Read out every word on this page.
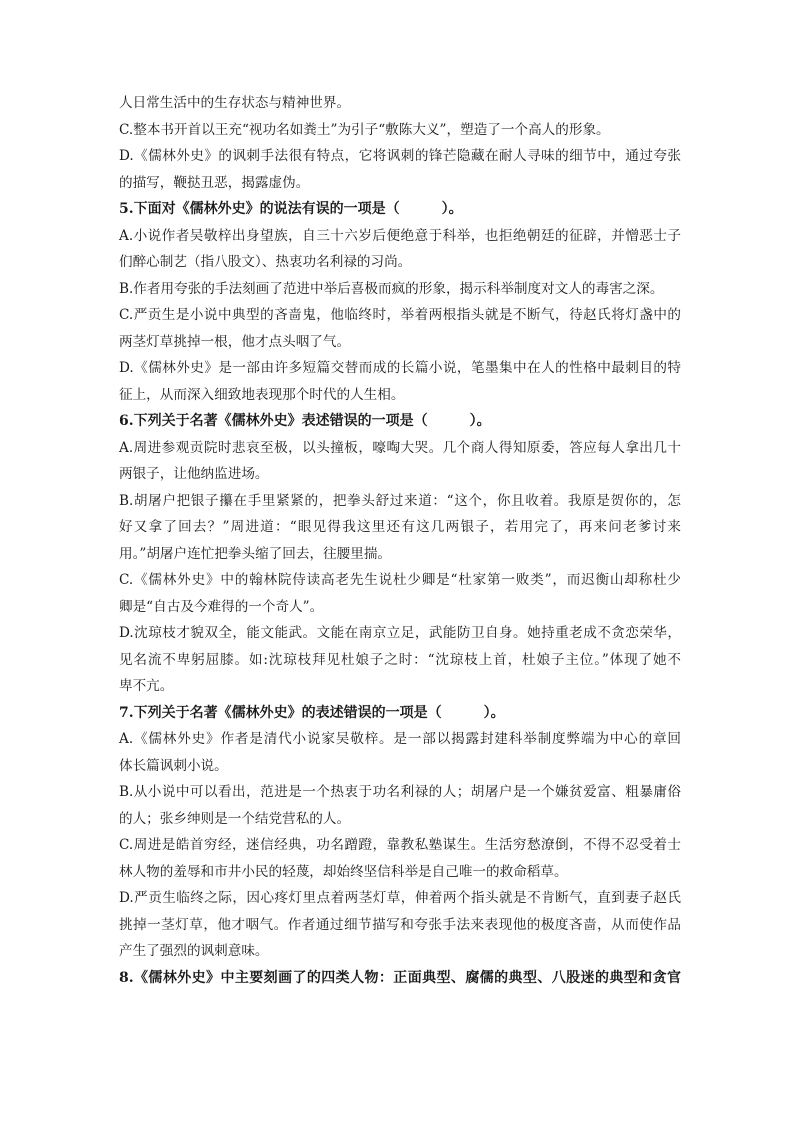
人日常生活中的生存状态与精神世界。
C.整本书开首以王充“视功名如粪土”为引子“敷陈大义”，塑造了一个高人的形象。
D.《儒林外史》的讽刺手法很有特点，它将讽刺的锋芒隐藏在耐人寻味的细节中，通过夸张
的描写，鞭挞丑恶，揭露虚伪。
5.下面对《儒林外史》的说法有误的一项是（　　　）。
A.小说作者吴敬梓出身望族，自三十六岁后便绝意于科举，也拒绝朝廷的征辟，并憎恶士子
们醉心制艺（指八股文）、热衷功名利禄的习尚。
B.作者用夸张的手法刻画了范进中举后喜极而疯的形象，揭示科举制度对文人的毒害之深。
C.严贡生是小说中典型的吝啬鬼，他临终时，举着两根指头就是不断气，待赵氏将灯盏中的
两茎灯草挑掉一根，他才点头咽了气。
D.《儒林外史》是一部由许多短篇交替而成的长篇小说，笔墨集中在人的性格中最刺目的特
征上，从而深入细致地表现那个时代的人生相。
6.下列关于名著《儒林外史》表述错误的一项是（　　　）。
A.周进参观贡院时悲哀至极，以头撞板，嚎啕大哭。几个商人得知原委，答应每人拿出几十
两银子，让他纳监进场。
B.胡屠户把银子攥在手里紧紧的，把拳头舒过来道：“这个，你且收着。我原是贺你的，怎
好又拿了回去？”周进道：“眼见得我这里还有这几两银子，若用完了，再来问老爹讨来
用。”胡屠户连忙把拳头缩了回去，往腰里揣。
C.《儒林外史》中的翰林院侍读高老先生说杜少卿是“杜家第一败类”，而迟衡山却称杜少
卿是“自古及今难得的一个奇人”。
D.沈琼枝才貌双全，能文能武。文能在南京立足，武能防卫自身。她持重老成不贪恋荣华，
见名流不卑躬屈膝。如:沈琼枝拜见杜娘子之时：“沈琼枝上首，杜娘子主位。”体现了她不
卑不亢。
7.下列关于名著《儒林外史》的表述错误的一项是（　　　）。
A.《儒林外史》作者是清代小说家吴敬梓。是一部以揭露封建科举制度弊端为中心的章回
体长篇讽刺小说。
B.从小说中可以看出，范进是一个热衷于功名利禄的人；胡屠户是一个嫌贫爱富、粗暴庸俗
的人；张乡绅则是一个结党营私的人。
C.周进是皓首穷经，迷信经典，功名蹭蹬，靠教私塾谋生。生活穷愁潦倒，不得不忍受着士
林人物的羞辱和市井小民的轻蔑，却始终坚信科举是自己唯一的救命稻草。
D.严贡生临终之际，因心疼灯里点着两茎灯草，伸着两个指头就是不肯断气，直到妻子赵氏
挑掉一茎灯草，他才咽气。作者通过细节描写和夸张手法来表现他的极度吝啬，从而使作品
产生了强烈的讽刺意味。
8.《儒林外史》中主要刻画了的四类人物：正面典型、腐儒的典型、八股迷的典型和贪官
